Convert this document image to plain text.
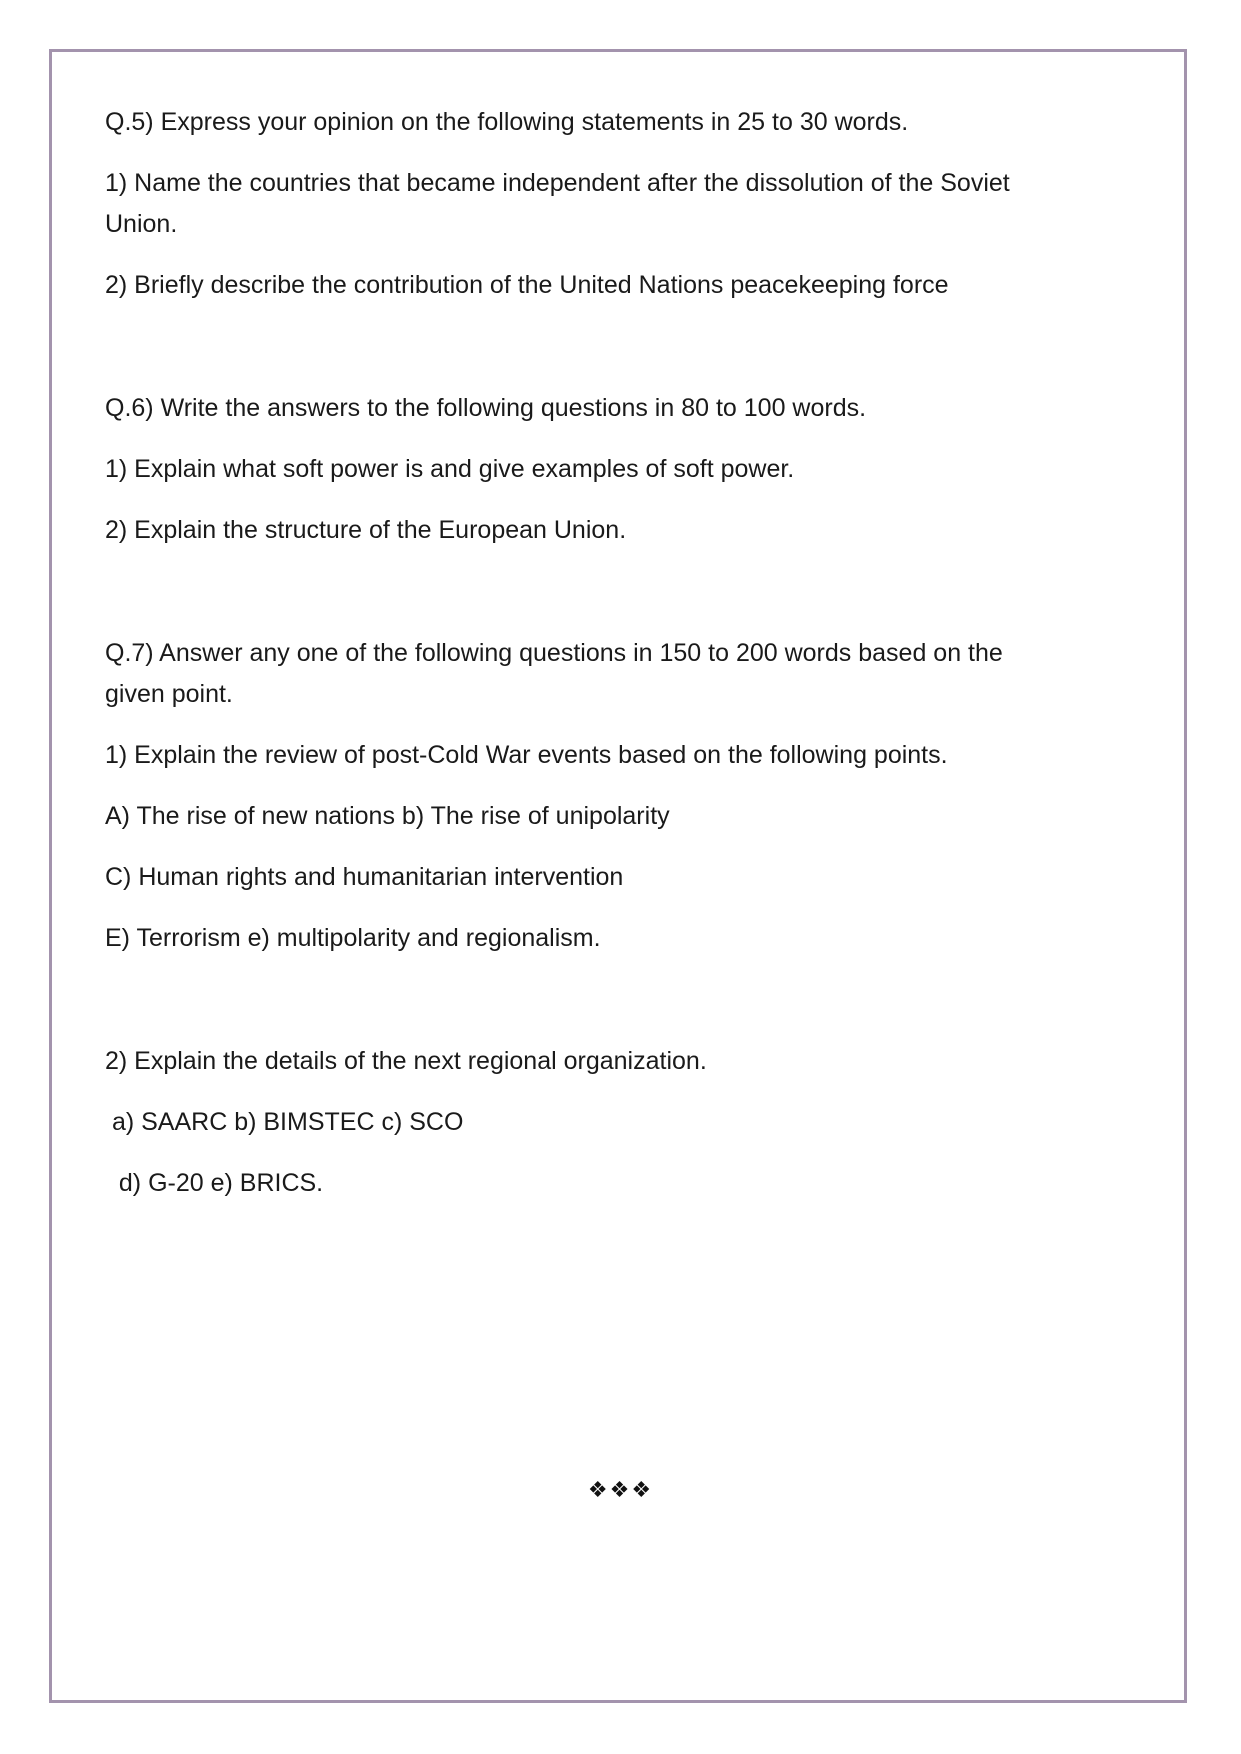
Q.5) Express your opinion on the following statements in 25 to 30 words.
1) Name the countries that became independent after the dissolution of the Soviet
Union.
2) Briefly describe the contribution of the United Nations peacekeeping force
Q.6) Write the answers to the following questions in 80 to 100 words.
1) Explain what soft power is and give examples of soft power.
2) Explain the structure of the European Union.
Q.7) Answer any one of the following questions in 150 to 200 words based on the
given point.
1) Explain the review of post-Cold War events based on the following points.
A) The rise of new nations b) The rise of unipolarity
C) Human rights and humanitarian intervention
E) Terrorism e) multipolarity and regionalism.
2) Explain the details of the next regional organization.
a) SAARC b) BIMSTEC c) SCO
d) G-20 e) BRICS.
❖❖❖
